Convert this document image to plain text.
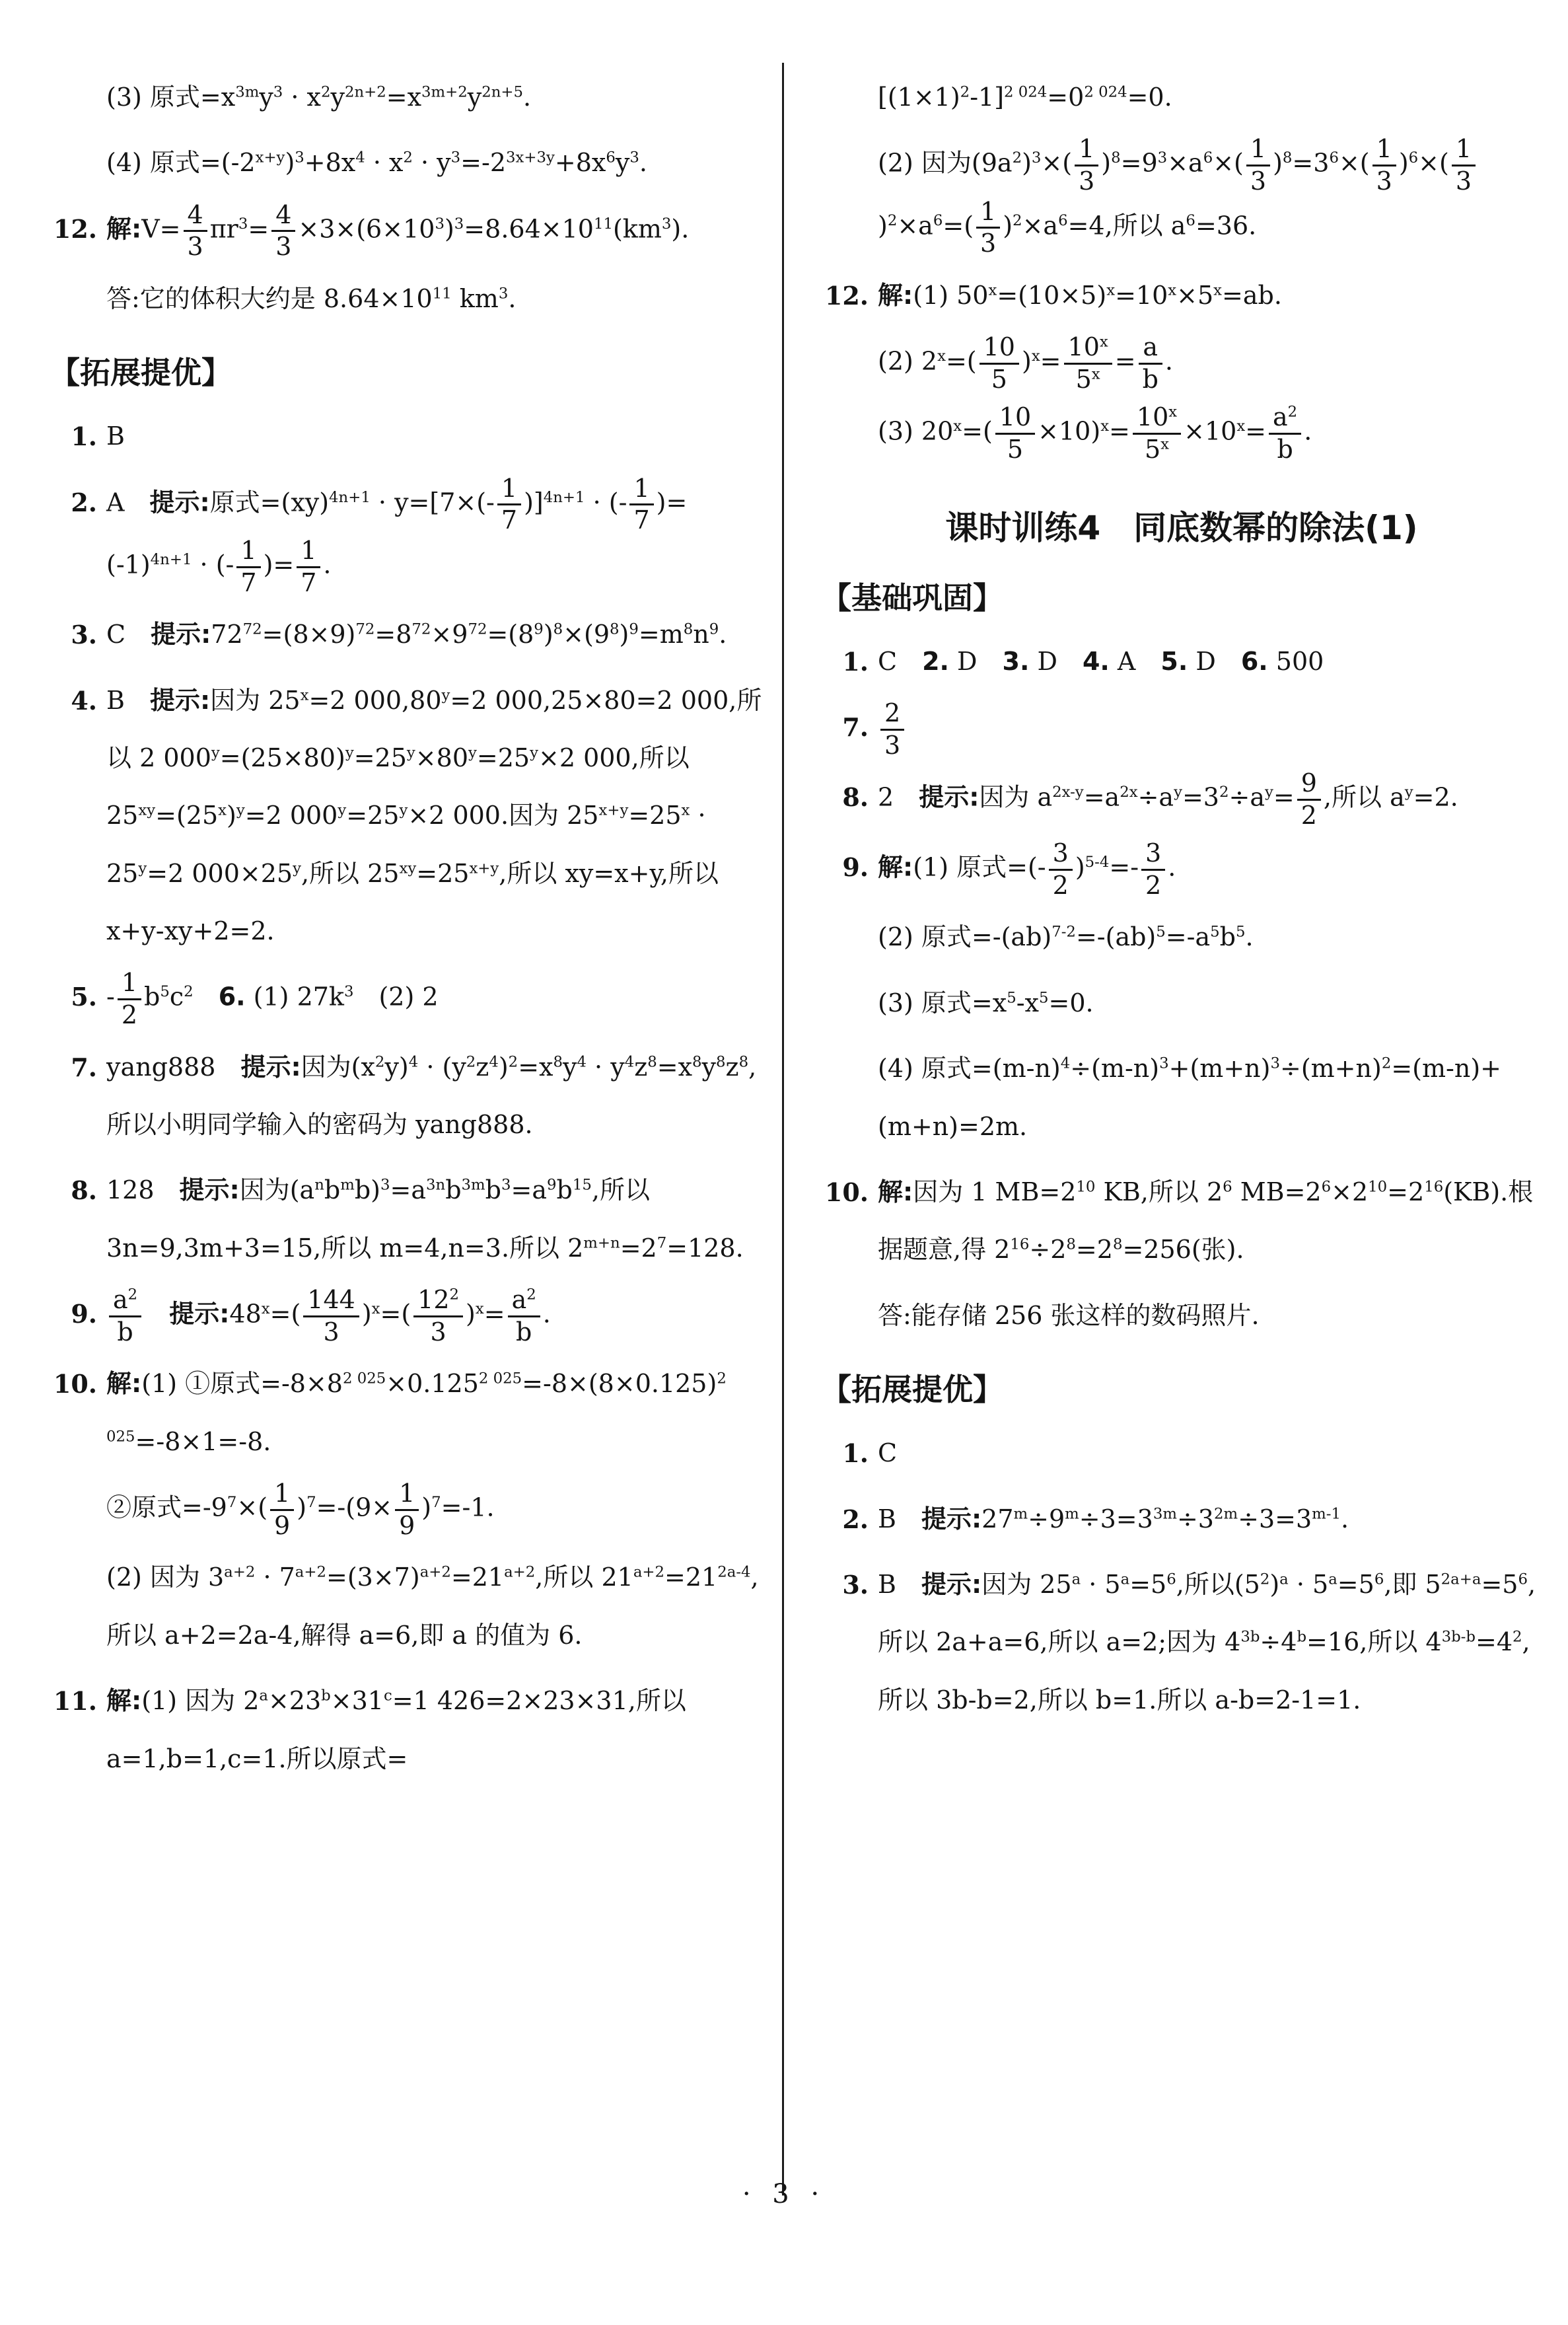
(3) 原式$=x^{3m}y^3 \cdot x^2y^{2n+2}=x^{3m+2}y^{2n+5}$.
(4) 原式$=(-2^{x+y})^3+8x^4 \cdot x^2 \cdot y^3=-2^{3x+3y}+8x^6y^3$.
12. 解:V= $\frac{4}{3} \pi r^3= \frac{4}{3} \times 3\times(6\times 10^3)^3=8.64\times 10^{11}(km^3)$.
答:它的体积大约是 $8.64\times 10^{11}$ $km^3$.
【拓展提优】
1. B
2. A　提示:原式$=(xy)^{4n+1} \cdot y=[7\times(- \frac{1}{7} )]^{4n+1}$ · (- $\frac{1}{7} )=(-1)^{4n+1}$ · (- $\frac{1}{7}$ )= $\frac{1}{7}$ .
3. C　提示$:72^{72}=(8\times 9)^{72}=8^{72}\times 9^{72}=(8^9)^8\times(9^8)^9=m^8n^9$.
4. B　提示:因为 $25^x=2$ $000,80^y=2$ 000,25×80=2 000,所以 2 $000^y=(25\times 80)^y=25^y\times 80^y=25^y\times 2$ 000,所以 $25^{xy}=(25^x)^y=2$ $000^y=25^y\times 2$ 000.因为 $25^{x+y}=25^x \cdot 25^y=2$ $000\times 25^y$,所以 $25^{xy}=25^{x+y}$,所以 xy=x+y,所以 x+y-xy+2=2.
5. - $\frac{1}{2} b^5c^2$　 6. (1) $27k^3$　(2) 2
7. yang888　提示:因为$(x^2y)^4 \cdot (y^2z^4)^2=x^8y^4 \cdot y^4z^8=x^8y^8z^8$,所以小明同学输入的密码为 yang888.
8. 128　提示:因为$(a^nb^mb)^3=a^{3n}b^{3m}b^3=a^9b^{15}$,所以 3n=9,3m+3=15,所以 m=4,n=3.所以 $2^{m+n}=2^7=128$.
9. $\frac{a^2}{b}$
　 提示$:48^x=( \frac{144}{3} )^x=( \frac{12^2}{3} )^x= \frac{a^2}{b}$ .
10. 解:(1) ①原式$=-8\times 8^{2 025}\times 0.125^{2 025}=-8\times(8\times 0.125)^{2 025}=-8\times 1=-8$.
②原式$=-9^7\times( \frac{1}{9} )^7=-(9\times \frac{1}{9} )^7=-1$.
(2) 因为 $3^{a+2} \cdot 7^{a+2}=(3\times 7)^{a+2}=21^{a+2}$,所以 $21^{a+2}=21^{2a-4}$,所以 a+2=2a-4,解得 a=6,即 a 的值为 6.
11. 解:(1) 因为 $2^a\times 23^b\times 31^c=1$ 426=2×23×31,所以 a=1,b=1,c=1.所以原式=
$[(1\times 1)^2-1]^{2 024}=0^{2 024}=0$.
(2) 因为$(9a^2)^3\times( \frac{1}{3} )^8=9^3\times a^6\times( \frac{1}{3} )^8=3^6\times( \frac{1}{3} )^6\times( \frac{1}{3}$
)$^2\times a^6=( \frac{1}{3} )^2\times a^6=4$,所以 $a^6=36$.
12. 解:(1) $50^x=(10\times 5)^x=10^x\times 5^x=ab$.
(2) $2^x=( \frac{10}{5} )^x= \frac{10^x}{5^x} = \frac{a}{b}$ .
(3) $20^x=( \frac{10}{5} \times 10)^x= \frac{10^x}{5^x} \times 10^x= \frac{a^2}{b}$ .
课时训练4　同底数幂的除法(1)
【基础巩固】
1. C　2. D　3. D　4. A　5. D　6. 500
7. $\frac{2}{3}$
8. 2　提示:因为 $a^{2x-y}=a^{2x}\div a^y=3^2\div a^y= \frac{9}{2}$ ,所以 $a^y=2$.
9. 解:(1) 原式=(- $\frac{3}{2} )^{5-4}=- \frac{3}{2}$ .
(2) 原式$=-(ab)^{7-2}=-(ab)^5=-a^5b^5$.
(3) 原式$=x^5-x^5=0$.
(4) 原式$=(m-n)^4\div(m-n)^3+(m+n)^3\div(m+n)^2=(m-n)+(m+n)=2m$.
10. 解:因为 1 $MB=2^{10}$ KB,所以 $2^6$ $MB=2^6\times 2^{10}=2^{16}(KB)$.根据题意,得 $2^{16}\div 2^8=2^8=256$(张).
答:能存储 256 张这样的数码照片.
【拓展提优】
1. C
2. B　提示$:27^m\div 9^m\div 3=3^{3m}\div 3^{2m}\div 3=3^{m-1}$.
3. B　提示:因为 $25^a \cdot 5^a=5^6$,所以$(5^2)^a \cdot 5^a=5^6$,即 $5^{2a+a}=5^6$,所以 2a+a=6,所以 a=2;因为 $4^{3b}\div 4^b=16$,所以 $4^{3b-b}=4^2$,所以 3b-b=2,所以 b=1.所以 a-b=2-1=1.
· 3 ·
